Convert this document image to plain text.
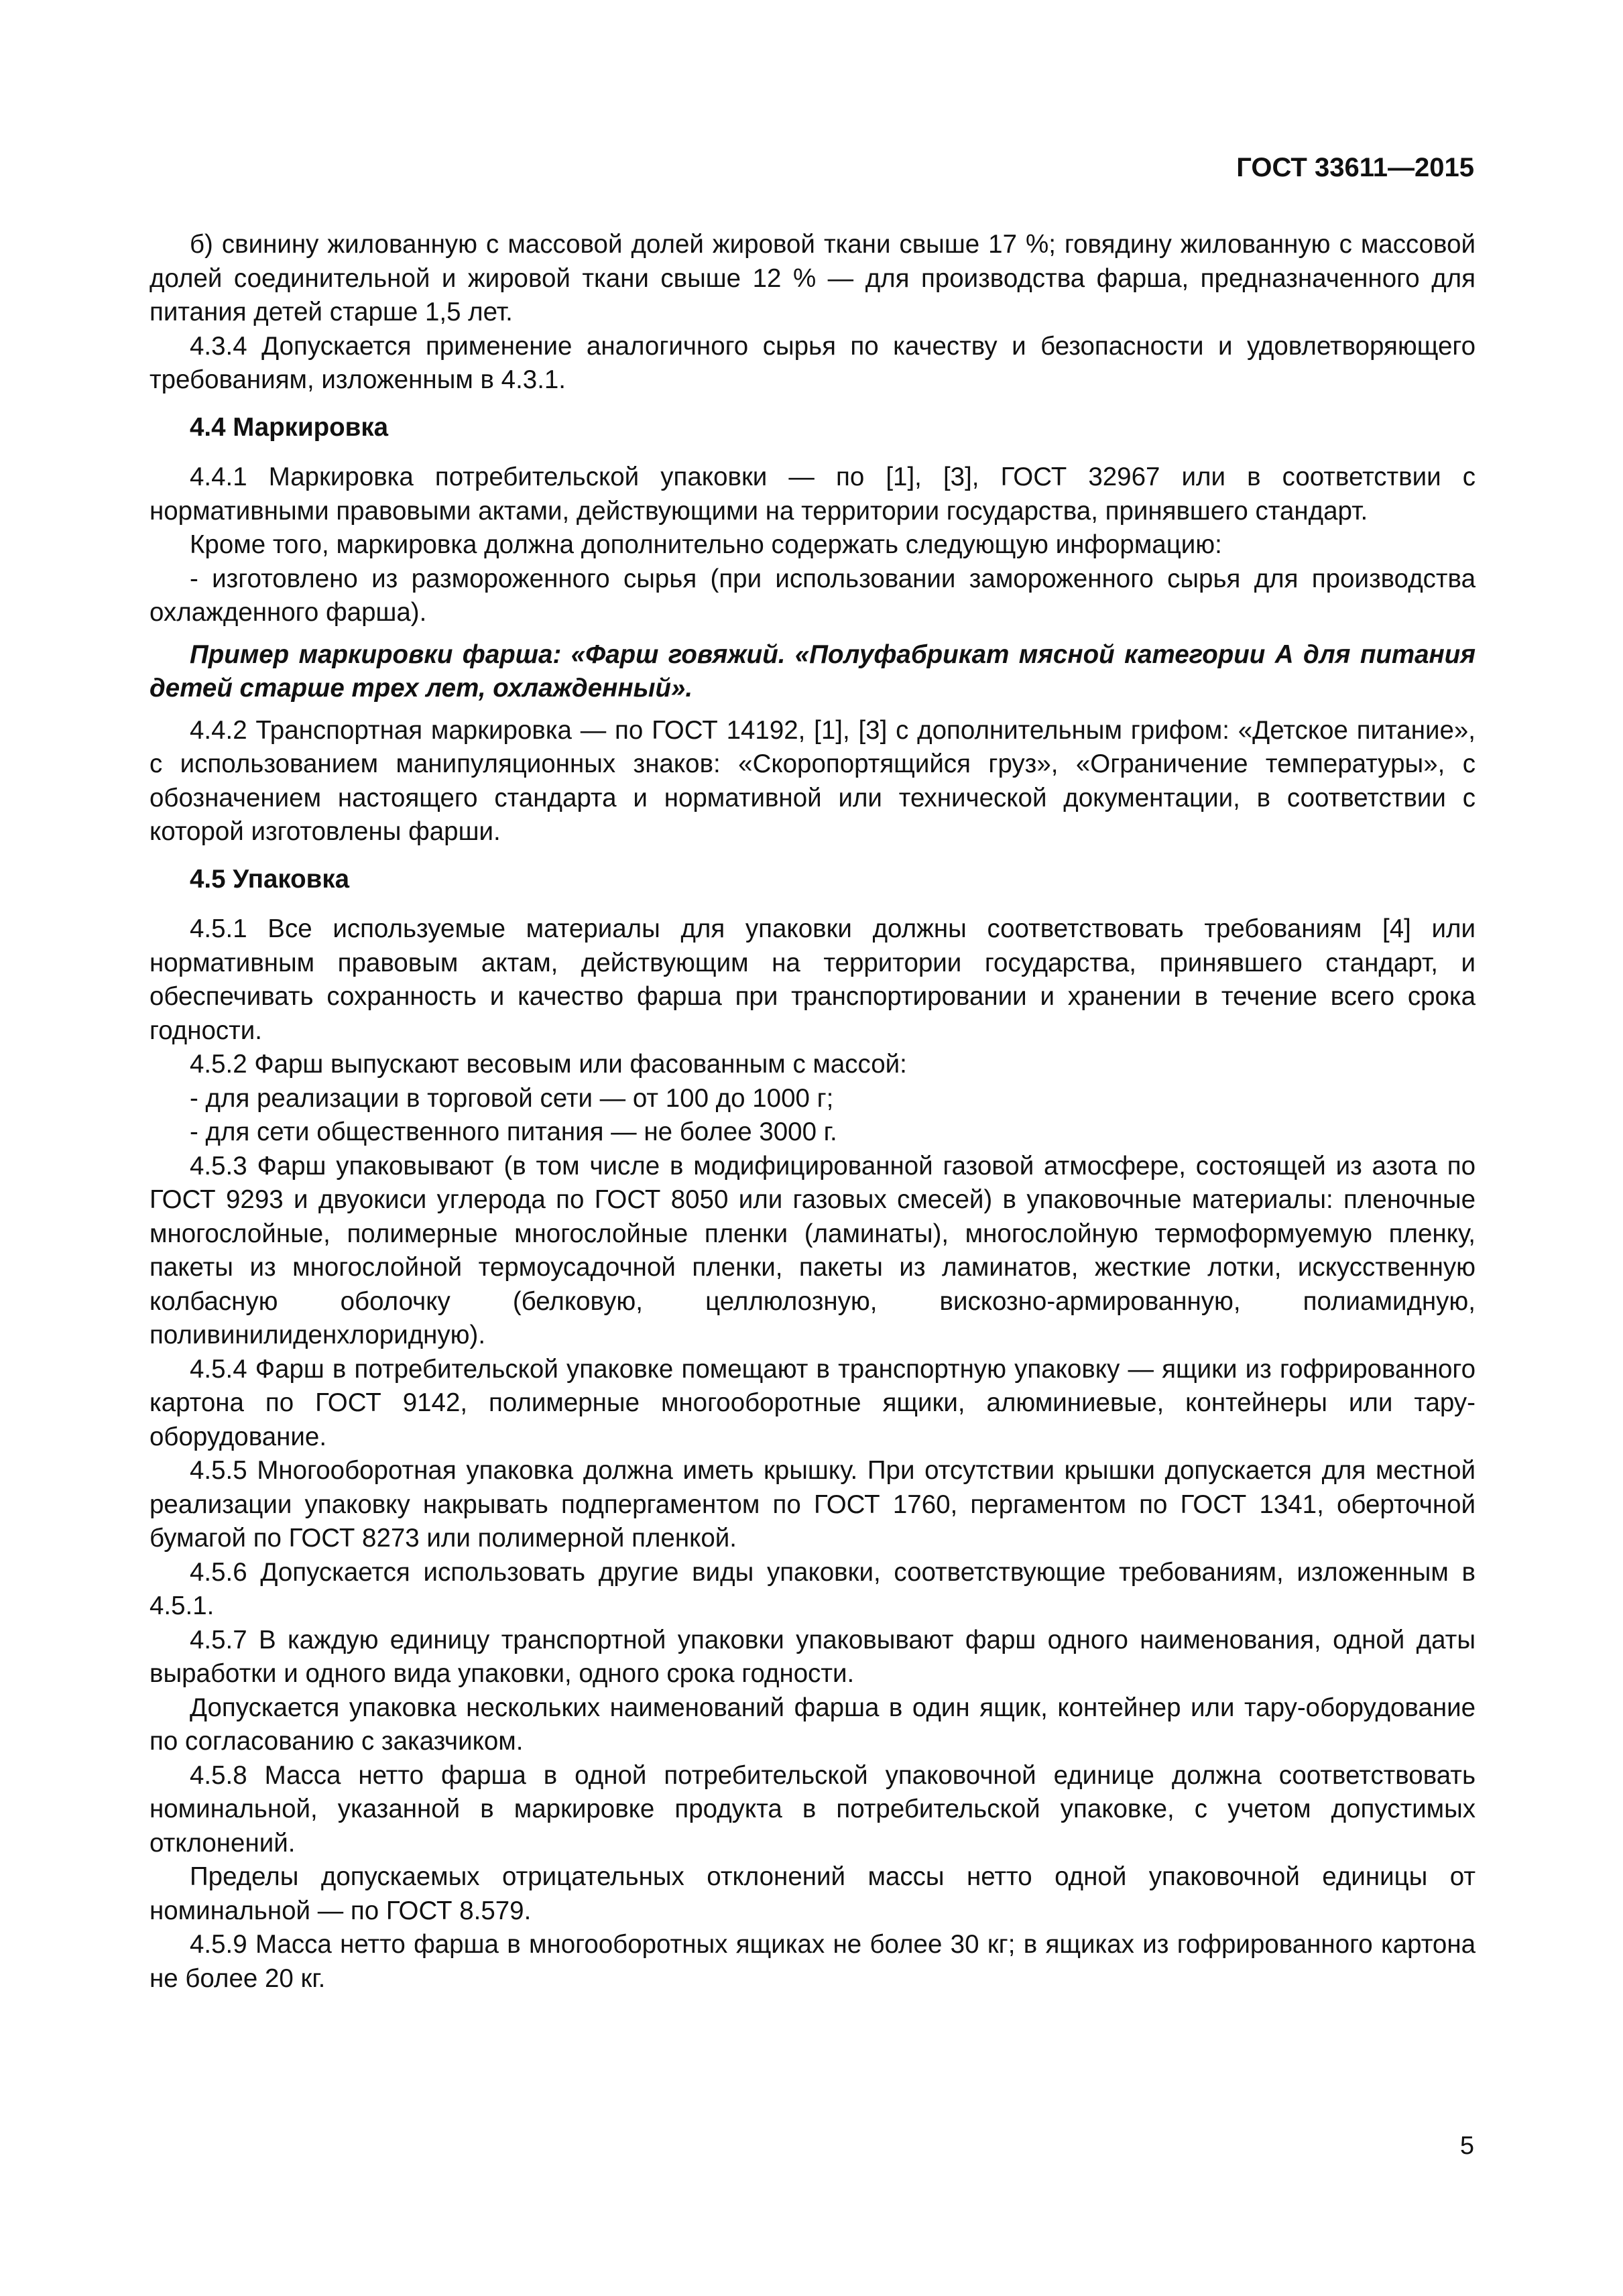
ГОСТ 33611—2015

б) свинину жилованную с массовой долей жировой ткани свыше 17 %; говядину жилованную с массовой долей соединительной и жировой ткани свыше 12 % — для производства фарша, предназначенного для питания детей старше 1,5 лет.

4.3.4 Допускается применение аналогичного сырья по качеству и безопасности и удовлетворяющего требованиям, изложенным в 4.3.1.

4.4 Маркировка

4.4.1 Маркировка потребительской упаковки — по [1], [3], ГОСТ 32967 или в соответствии с нормативными правовыми актами, действующими на территории государства, принявшего стандарт.

Кроме того, маркировка должна дополнительно содержать следующую информацию:

- изготовлено из размороженного сырья (при использовании замороженного сырья для производства охлажденного фарша).

Пример маркировки фарша: «Фарш говяжий. «Полуфабрикат мясной категории А для питания детей старше трех лет, охлажденный».

4.4.2 Транспортная маркировка — по ГОСТ 14192, [1], [3] с дополнительным грифом: «Детское питание», с использованием манипуляционных знаков: «Скоропортящийся груз», «Ограничение температуры», с обозначением настоящего стандарта и нормативной или технической документации, в соответствии с которой изготовлены фарши.

4.5 Упаковка

4.5.1 Все используемые материалы для упаковки должны соответствовать требованиям [4] или нормативным правовым актам, действующим на территории государства, принявшего стандарт, и обеспечивать сохранность и качество фарша при транспортировании и хранении в течение всего срока годности.

4.5.2 Фарш выпускают весовым или фасованным с массой:

- для реализации в торговой сети — от 100 до 1000 г;

- для сети общественного питания — не более 3000 г.

4.5.3 Фарш упаковывают (в том числе в модифицированной газовой атмосфере, состоящей из азота по ГОСТ 9293 и двуокиси углерода по ГОСТ 8050 или газовых смесей) в упаковочные материалы: пленочные многослойные, полимерные многослойные пленки (ламинаты), многослойную термоформуемую пленку, пакеты из многослойной термоусадочной пленки, пакеты из ламинатов, жесткие лотки, искусственную колбасную оболочку (белковую, целлюлозную, вискозно-армированную, полиамидную, поливинилиденхлоридную).

4.5.4 Фарш в потребительской упаковке помещают в транспортную упаковку — ящики из гофрированного картона по ГОСТ 9142, полимерные многооборотные ящики, алюминиевые, контейнеры или тару-оборудование.

4.5.5 Многооборотная упаковка должна иметь крышку. При отсутствии крышки допускается для местной реализации упаковку накрывать подпергаментом по ГОСТ 1760, пергаментом по ГОСТ 1341, оберточной бумагой по ГОСТ 8273 или полимерной пленкой.

4.5.6 Допускается использовать другие виды упаковки, соответствующие требованиям, изложенным в 4.5.1.

4.5.7 В каждую единицу транспортной упаковки упаковывают фарш одного наименования, одной даты выработки и одного вида упаковки, одного срока годности.

Допускается упаковка нескольких наименований фарша в один ящик, контейнер или тару-оборудование по согласованию с заказчиком.

4.5.8 Масса нетто фарша в одной потребительской упаковочной единице должна соответствовать номинальной, указанной в маркировке продукта в потребительской упаковке, с учетом допустимых отклонений.

Пределы допускаемых отрицательных отклонений массы нетто одной упаковочной единицы от номинальной — по ГОСТ 8.579.

4.5.9 Масса нетто фарша в многооборотных ящиках не более 30 кг; в ящиках из гофрированного картона не более 20 кг.

5
